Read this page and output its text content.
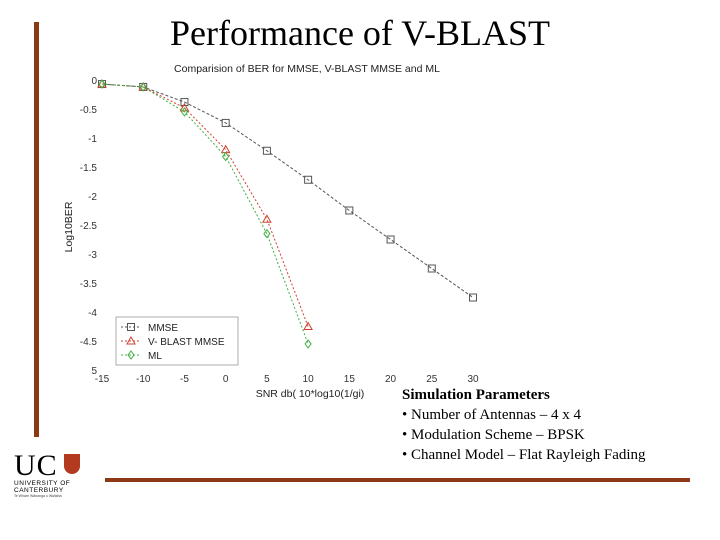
Performance of V-BLAST
Comparision of BER for MMSE, V-BLAST MMSE and ML
SNR db( 10*log10(1/gi)
Log10BER
-15	-10	-5	0	5	10	15	20	25	30
0
-0.5
-1
-1.5
-2
-2.5
-3
-3.5
-4
-4.5
5
MMSE
V- BLAST MMSE
ML
Simulation Parameters
• Number of Antennas – 4 x 4
• Modulation Scheme – BPSK
• Channel Model – Flat Rayleigh Fading
UC
UNIVERSITY OF
CANTERBURY
Te Whare Wānanga o Waitaha
